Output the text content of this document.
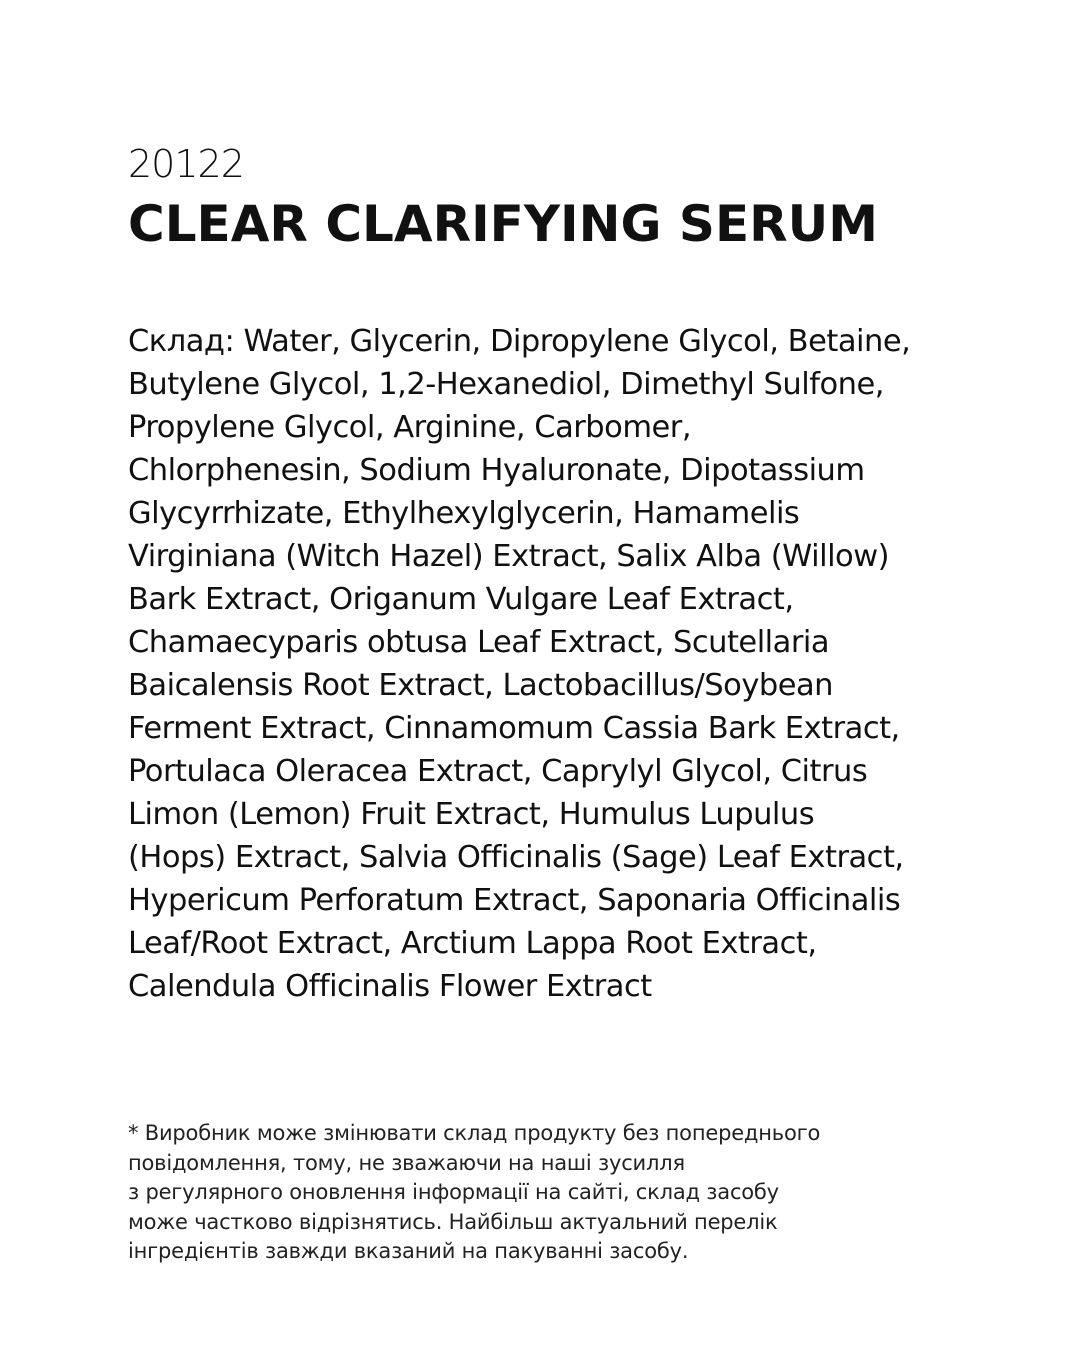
20122
CLEAR CLARIFYING SERUM
Склад: Water, Glycerin, Dipropylene Glycol, Betaine,
Butylene Glycol, 1,2-Hexanediol, Dimethyl Sulfone,
Propylene Glycol, Arginine, Carbomer,
Chlorphenesin, Sodium Hyaluronate, Dipotassium
Glycyrrhizate, Ethylhexylglycerin, Hamamelis
Virginiana (Witch Hazel) Extract, Salix Alba (Willow)
Bark Extract, Origanum Vulgare Leaf Extract,
Chamaecyparis obtusa Leaf Extract, Scutellaria
Baicalensis Root Extract, Lactobacillus/Soybean
Ferment Extract, Cinnamomum Cassia Bark Extract,
Portulaca Oleracea Extract, Caprylyl Glycol, Citrus
Limon (Lemon) Fruit Extract, Humulus Lupulus
(Hops) Extract, Salvia Officinalis (Sage) Leaf Extract,
Hypericum Perforatum Extract, Saponaria Officinalis
Leaf/Root Extract, Arctium Lappa Root Extract,
Calendula Officinalis Flower Extract
* Виробник може змінювати склад продукту без попереднього
повідомлення, тому, не зважаючи на наші зусилля
з регулярного оновлення інформації на сайті, склад засобу
може частково відрізнятись. Найбільш актуальний перелік
інгредієнтів завжди вказаний на пакуванні засобу.
